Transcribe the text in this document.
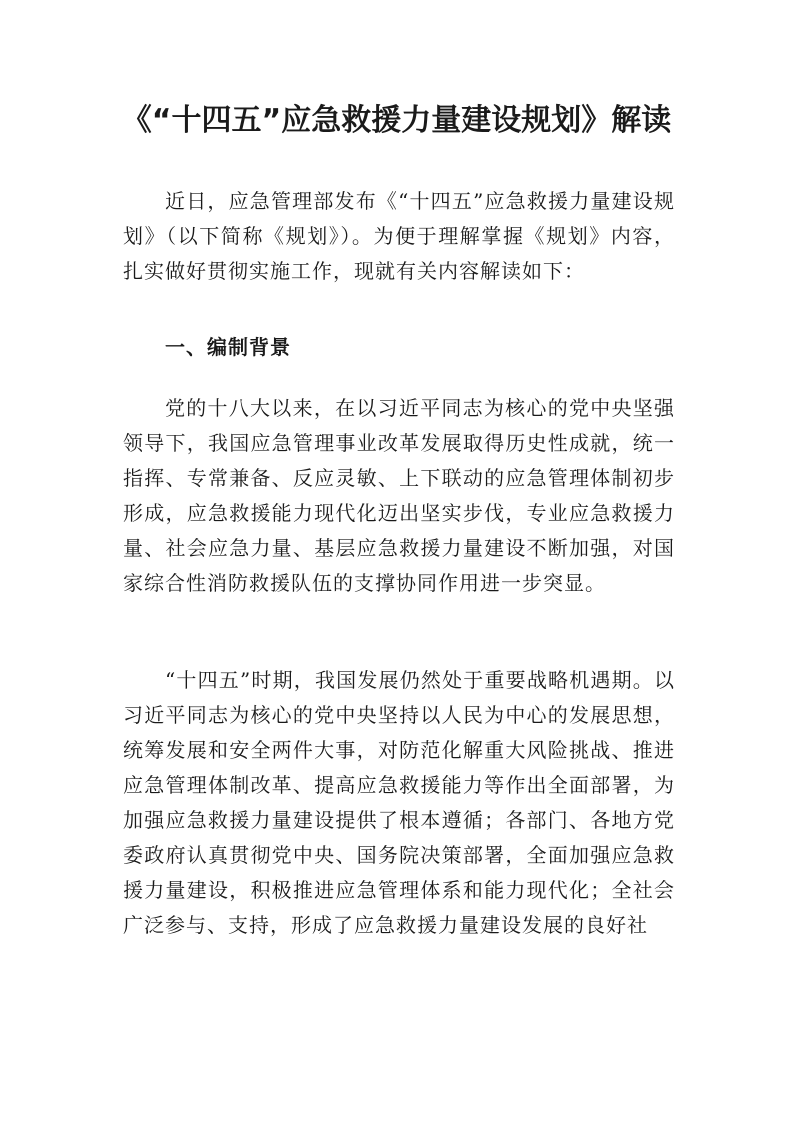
《“十四五”应急救援力量建设规划》解读
近日，应急管理部发布《“十四五”应急救援力量建设规划》（以下简称《规划》）。为便于理解掌握《规划》内容，扎实做好贯彻实施工作，现就有关内容解读如下：
一、编制背景
党的十八大以来，在以习近平同志为核心的党中央坚强领导下，我国应急管理事业改革发展取得历史性成就，统一指挥、专常兼备、反应灵敏、上下联动的应急管理体制初步形成，应急救援能力现代化迈出坚实步伐，专业应急救援力量、社会应急力量、基层应急救援力量建设不断加强，对国家综合性消防救援队伍的支撑协同作用进一步突显。
“十四五”时期，我国发展仍然处于重要战略机遇期。以习近平同志为核心的党中央坚持以人民为中心的发展思想，统筹发展和安全两件大事，对防范化解重大风险挑战、推进应急管理体制改革、提高应急救援能力等作出全面部署，为加强应急救援力量建设提供了根本遵循；各部门、各地方党委政府认真贯彻党中央、国务院决策部署，全面加强应急救援力量建设，积极推进应急管理体系和能力现代化；全社会广泛参与、支持，形成了应急救援力量建设发展的良好社
